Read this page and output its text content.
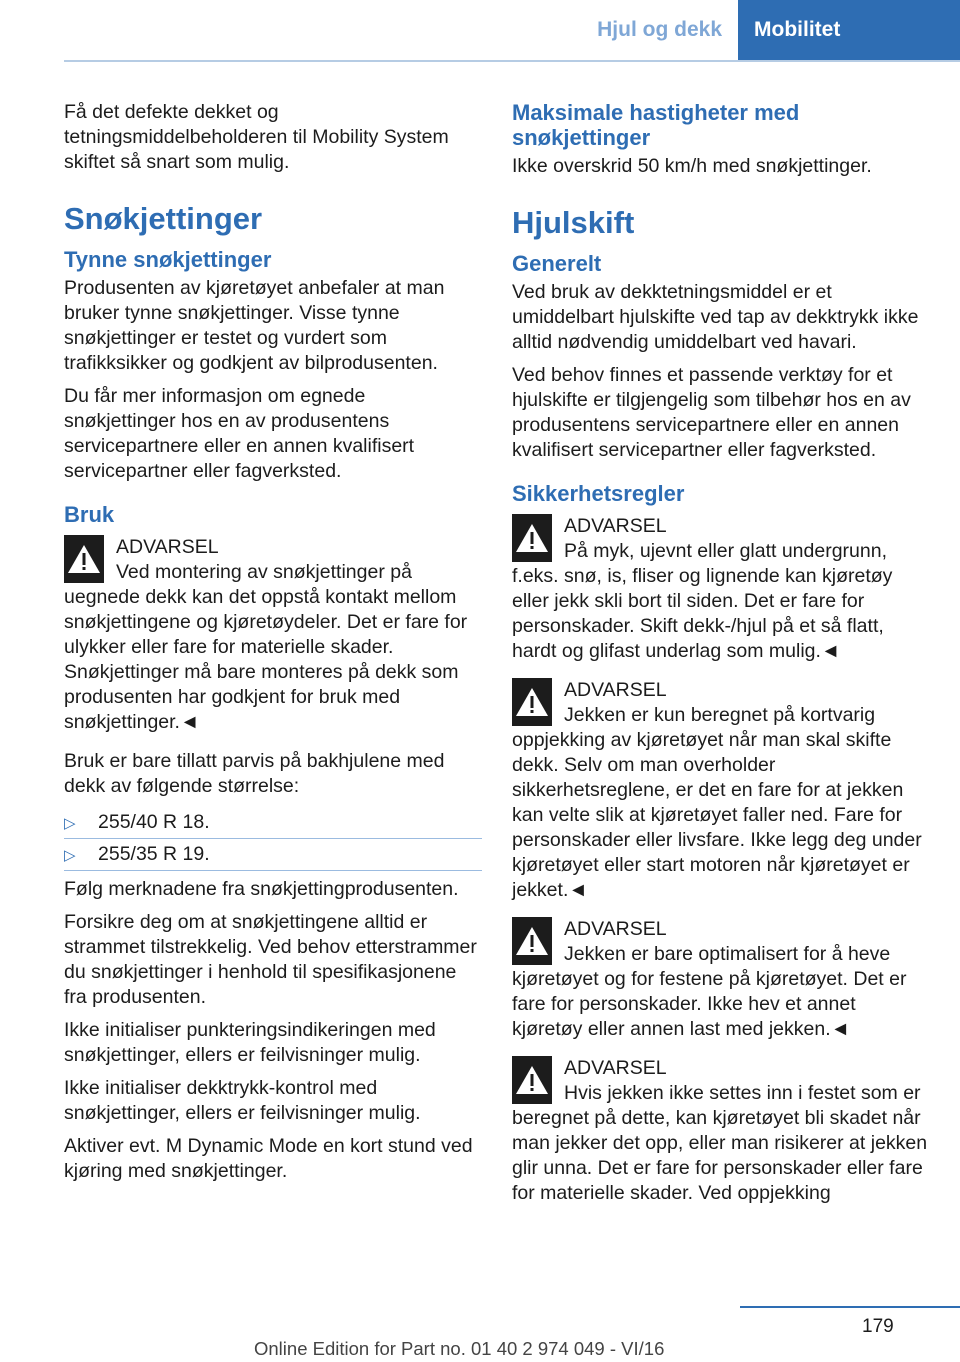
Hjul og dekk	Mobilitet

Få det defekte dekket og tetningsmiddelbeholderen til Mobility System skiftet så snart som mulig.

Snøkjettinger
Tynne snøkjettinger

Produsenten av kjøretøyet anbefaler at man bruker tynne snøkjettinger. Visse tynne snøkjettinger er testet og vurdert som trafikksikker og godkjent av bilprodusenten.

Du får mer informasjon om egnede snøkjettinger hos en av produsentens servicepartnere eller en annen kvalifisert servicepartner eller fagverksted.

Bruk
ADVARSEL
Ved montering av snøkjettinger på uegnede dekk kan det oppstå kontakt mellom snøkjettingene og kjøretøydeler. Det er fare for ulykker eller fare for materielle skader. Snøkjettinger må bare monteres på dekk som produsenten har godkjent for bruk med snøkjettinger.◄

Bruk er bare tillatt parvis på bakhjulene med dekk av følgende størrelse:

▷ 255/40 R 18.
▷ 255/35 R 19.

Følg merknadene fra snøkjettingprodusenten.

Forsikre deg om at snøkjettingene alltid er strammet tilstrekkelig. Ved behov etterstrammer du snøkjettinger i henhold til spesifikasjonene fra produsenten.

Ikke initialiser punkteringsindikeringen med snøkjettinger, ellers er feilvisninger mulig.

Ikke initialiser dekktrykk-kontrol med snøkjettinger, ellers er feilvisninger mulig.

Aktiver evt. M Dynamic Mode en kort stund ved kjøring med snøkjettinger.

Maksimale hastigheter med snøkjettinger

Ikke overskrid 50 km/h med snøkjettinger.

Hjulskift
Generelt

Ved bruk av dekktetningsmiddel er et umiddelbart hjulskifte ved tap av dekktrykk ikke alltid nødvendig umiddelbart ved havari.

Ved behov finnes et passende verktøy for et hjulskifte er tilgjengelig som tilbehør hos en av produsentens servicepartnere eller en annen kvalifisert servicepartner eller fagverksted.

Sikkerhetsregler
ADVARSEL
På myk, ujevnt eller glatt undergrunn, f.eks. snø, is, fliser og lignende kan kjøretøy eller jekk skli bort til siden. Det er fare for personskader. Skift dekk-/hjul på et så flatt, hardt og glifast underlag som mulig.◄
ADVARSEL
Jekken er kun beregnet på kortvarig oppjekking av kjøretøyet når man skal skifte dekk. Selv om man overholder sikkerhetsreglene, er det en fare for at jekken kan velte slik at kjøretøyet faller ned. Fare for personskader eller livsfare. Ikke legg deg under kjøretøyet eller start motoren når kjøretøyet er jekket.◄
ADVARSEL
Jekken er bare optimalisert for å heve kjøretøyet og for festene på kjøretøyet. Det er fare for personskader. Ikke hev et annet kjøretøy eller annen last med jekken.◄
ADVARSEL
Hvis jekken ikke settes inn i festet som er beregnet på dette, kan kjøretøyet bli skadet når man jekker det opp, eller man risikerer at jekken glir unna. Det er fare for personskader eller fare for materielle skader. Ved oppjekking
179
Online Edition for Part no. 01 40 2 974 049 - VI/16
